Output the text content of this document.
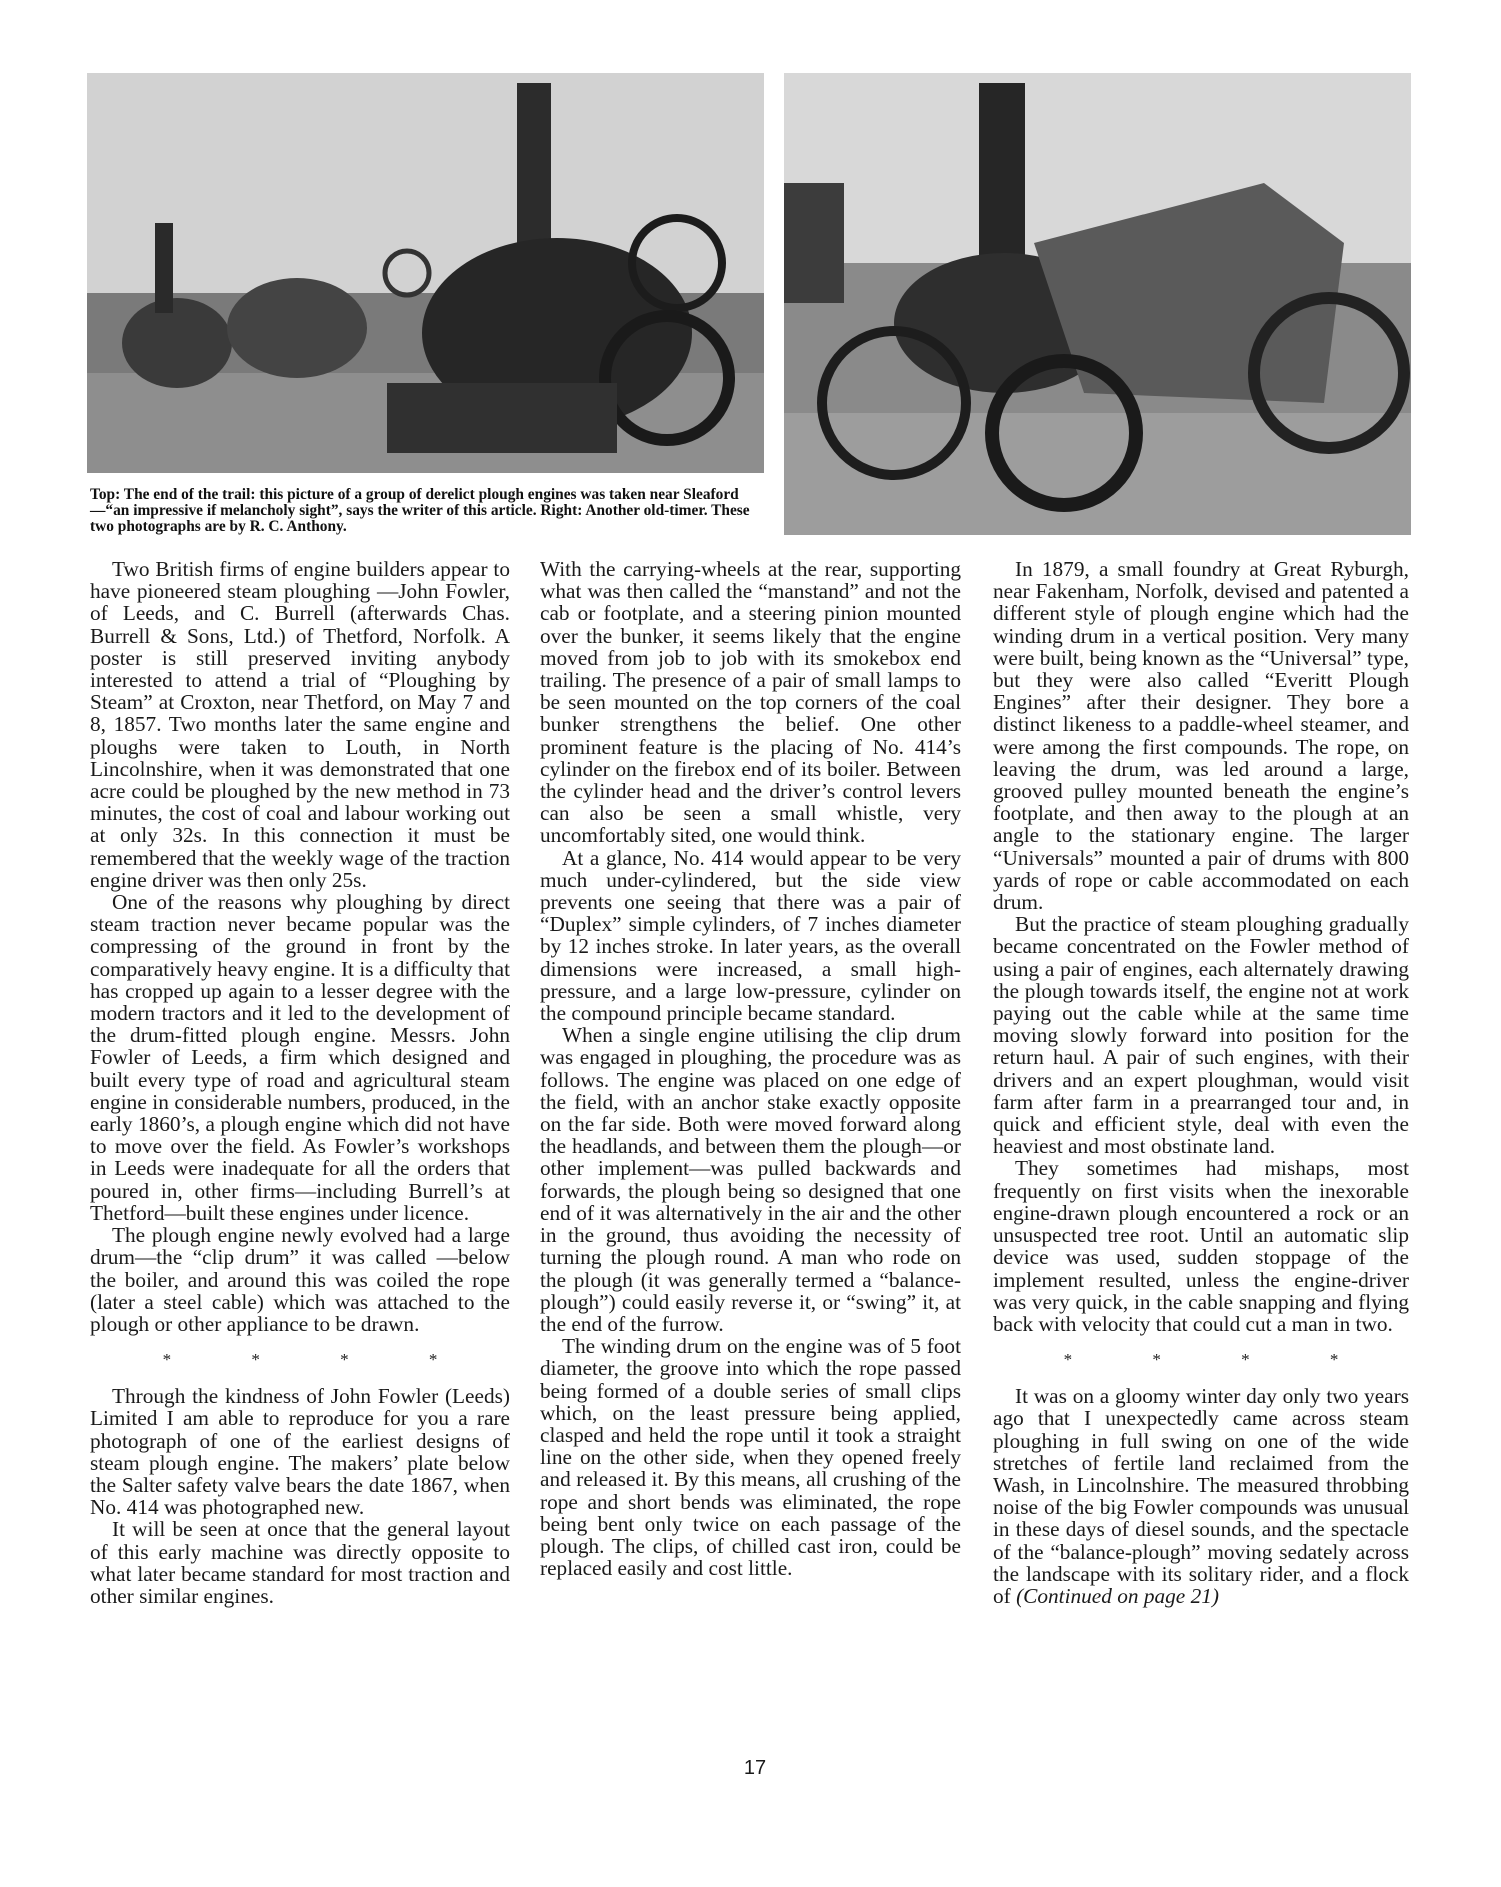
Top: The end of the trail: this picture of a group of derelict plough engines was taken near Sleaford—“an impressive if melancholy sight”, says the writer of this article. Right: Another old-timer. These two photographs are by R. C. Anthony.

Two British firms of engine builders appear to have pioneered steam ploughing —John Fowler, of Leeds, and C. Burrell (afterwards Chas. Burrell & Sons, Ltd.) of Thetford, Norfolk. A poster is still preserved inviting anybody interested to attend a trial of “Ploughing by Steam” at Croxton, near Thetford, on May 7 and 8, 1857. Two months later the same engine and ploughs were taken to Louth, in North Lincolnshire, when it was demonstrated that one acre could be ploughed by the new method in 73 minutes, the cost of coal and labour working out at only 32s. In this connection it must be remembered that the weekly wage of the traction engine driver was then only 25s.

One of the reasons why ploughing by direct steam traction never became popular was the compressing of the ground in front by the comparatively heavy engine. It is a difficulty that has cropped up again to a lesser degree with the modern tractors and it led to the development of the drum-fitted plough engine. Messrs. John Fowler of Leeds, a firm which designed and built every type of road and agricultural steam engine in considerable numbers, produced, in the early 1860’s, a plough engine which did not have to move over the field. As Fowler’s workshops in Leeds were inadequate for all the orders that poured in, other firms—including Burrell’s at Thetford—built these engines under licence.

The plough engine newly evolved had a large drum—the “clip drum” it was called —below the boiler, and around this was coiled the rope (later a steel cable) which was attached to the plough or other appliance to be drawn.

* * * *

Through the kindness of John Fowler (Leeds) Limited I am able to reproduce for you a rare photograph of one of the earliest designs of steam plough engine. The makers’ plate below the Salter safety valve bears the date 1867, when No. 414 was photographed new.

It will be seen at once that the general layout of this early machine was directly opposite to what later became standard for most traction and other similar engines.

With the carrying-wheels at the rear, supporting what was then called the “manstand” and not the cab or footplate, and a steering pinion mounted over the bunker, it seems likely that the engine moved from job to job with its smokebox end trailing. The presence of a pair of small lamps to be seen mounted on the top corners of the coal bunker strengthens the belief. One other prominent feature is the placing of No. 414’s cylinder on the firebox end of its boiler. Between the cylinder head and the driver’s control levers can also be seen a small whistle, very uncomfortably sited, one would think.

At a glance, No. 414 would appear to be very much under-cylindered, but the side view prevents one seeing that there was a pair of “Duplex” simple cylinders, of 7 inches diameter by 12 inches stroke. In later years, as the overall dimensions were increased, a small high-pressure, and a large low-pressure, cylinder on the compound principle became standard.

When a single engine utilising the clip drum was engaged in ploughing, the procedure was as follows. The engine was placed on one edge of the field, with an anchor stake exactly opposite on the far side. Both were moved forward along the headlands, and between them the plough—or other implement—was pulled backwards and forwards, the plough being so designed that one end of it was alternatively in the air and the other in the ground, thus avoiding the necessity of turning the plough round. A man who rode on the plough (it was generally termed a “balance-plough”) could easily reverse it, or “swing” it, at the end of the furrow.

The winding drum on the engine was of 5 foot diameter, the groove into which the rope passed being formed of a double series of small clips which, on the least pressure being applied, clasped and held the rope until it took a straight line on the other side, when they opened freely and released it. By this means, all crushing of the rope and short bends was eliminated, the rope being bent only twice on each passage of the plough. The clips, of chilled cast iron, could be replaced easily and cost little.

In 1879, a small foundry at Great Ryburgh, near Fakenham, Norfolk, devised and patented a different style of plough engine which had the winding drum in a vertical position. Very many were built, being known as the “Universal” type, but they were also called “Everitt Plough Engines” after their designer. They bore a distinct likeness to a paddle-wheel steamer, and were among the first compounds. The rope, on leaving the drum, was led around a large, grooved pulley mounted beneath the engine’s footplate, and then away to the plough at an angle to the stationary engine. The larger “Universals” mounted a pair of drums with 800 yards of rope or cable accommodated on each drum.

But the practice of steam ploughing gradually became concentrated on the Fowler method of using a pair of engines, each alternately drawing the plough towards itself, the engine not at work paying out the cable while at the same time moving slowly forward into position for the return haul. A pair of such engines, with their drivers and an expert ploughman, would visit farm after farm in a prearranged tour and, in quick and efficient style, deal with even the heaviest and most obstinate land.

They sometimes had mishaps, most frequently on first visits when the inexorable engine-drawn plough encountered a rock or an unsuspected tree root. Until an automatic slip device was used, sudden stoppage of the implement resulted, unless the engine-driver was very quick, in the cable snapping and flying back with velocity that could cut a man in two.

* * * *

It was on a gloomy winter day only two years ago that I unexpectedly came across steam ploughing in full swing on one of the wide stretches of fertile land reclaimed from the Wash, in Lincolnshire. The measured throbbing noise of the big Fowler compounds was unusual in these days of diesel sounds, and the spectacle of the “balance-plough” moving sedately across the landscape with its solitary rider, and a flock of (Continued on page 21)

17
